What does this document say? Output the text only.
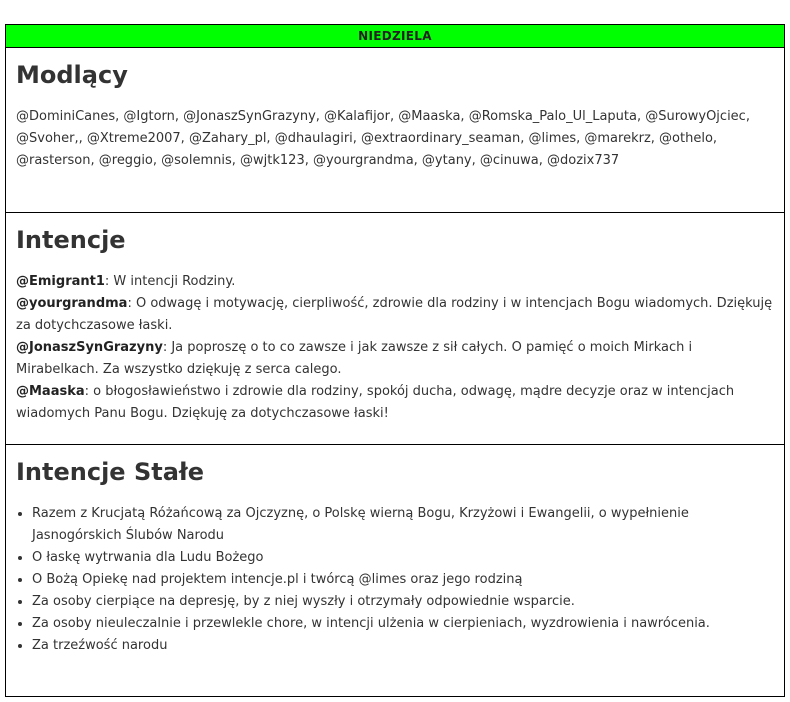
NIEDZIELA
Modlący
@DominiCanes, @Igtorn, @JonaszSynGrazyny, @Kalafijor, @Maaska, @Romska_Palo_Ul_Laputa, @SurowyOjciec, @Svoher,, @Xtreme2007, @Zahary_pl, @dhaulagiri, @extraordinary_seaman, @limes, @marekrz, @othelo, @rasterson, @reggio, @solemnis, @wjtk123, @yourgrandma, @ytany, @cinuwa, @dozix737
Intencje
@Emigrant1: W intencji Rodziny.
@yourgrandma: O odwagę i motywację, cierpliwość, zdrowie dla rodziny i w intencjach Bogu wiadomych. Dziękuję za dotychczasowe łaski.
@JonaszSynGrazyny: Ja poproszę o to co zawsze i jak zawsze z sił całych. O pamięć o moich Mirkach i Mirabelkach. Za wszystko dziękuję z serca calego.
@Maaska: o błogosławieństwo i zdrowie dla rodziny, spokój ducha, odwagę, mądre decyzje oraz w intencjach wiadomych Panu Bogu. Dziękuję za dotychczasowe łaski!
Intencje Stałe
• Razem z Krucjatą Różańcową za Ojczyznę, o Polskę wierną Bogu, Krzyżowi i Ewangelii, o wypełnienie Jasnogórskich Ślubów Narodu
• O łaskę wytrwania dla Ludu Bożego
• O Bożą Opiekę nad projektem intencje.pl i twórcą @limes oraz jego rodziną
• Za osoby cierpiące na depresję, by z niej wyszły i otrzymały odpowiednie wsparcie.
• Za osoby nieuleczalnie i przewlekle chore, w intencji ulżenia w cierpieniach, wyzdrowienia i nawrócenia.
• Za trzeźwość narodu
